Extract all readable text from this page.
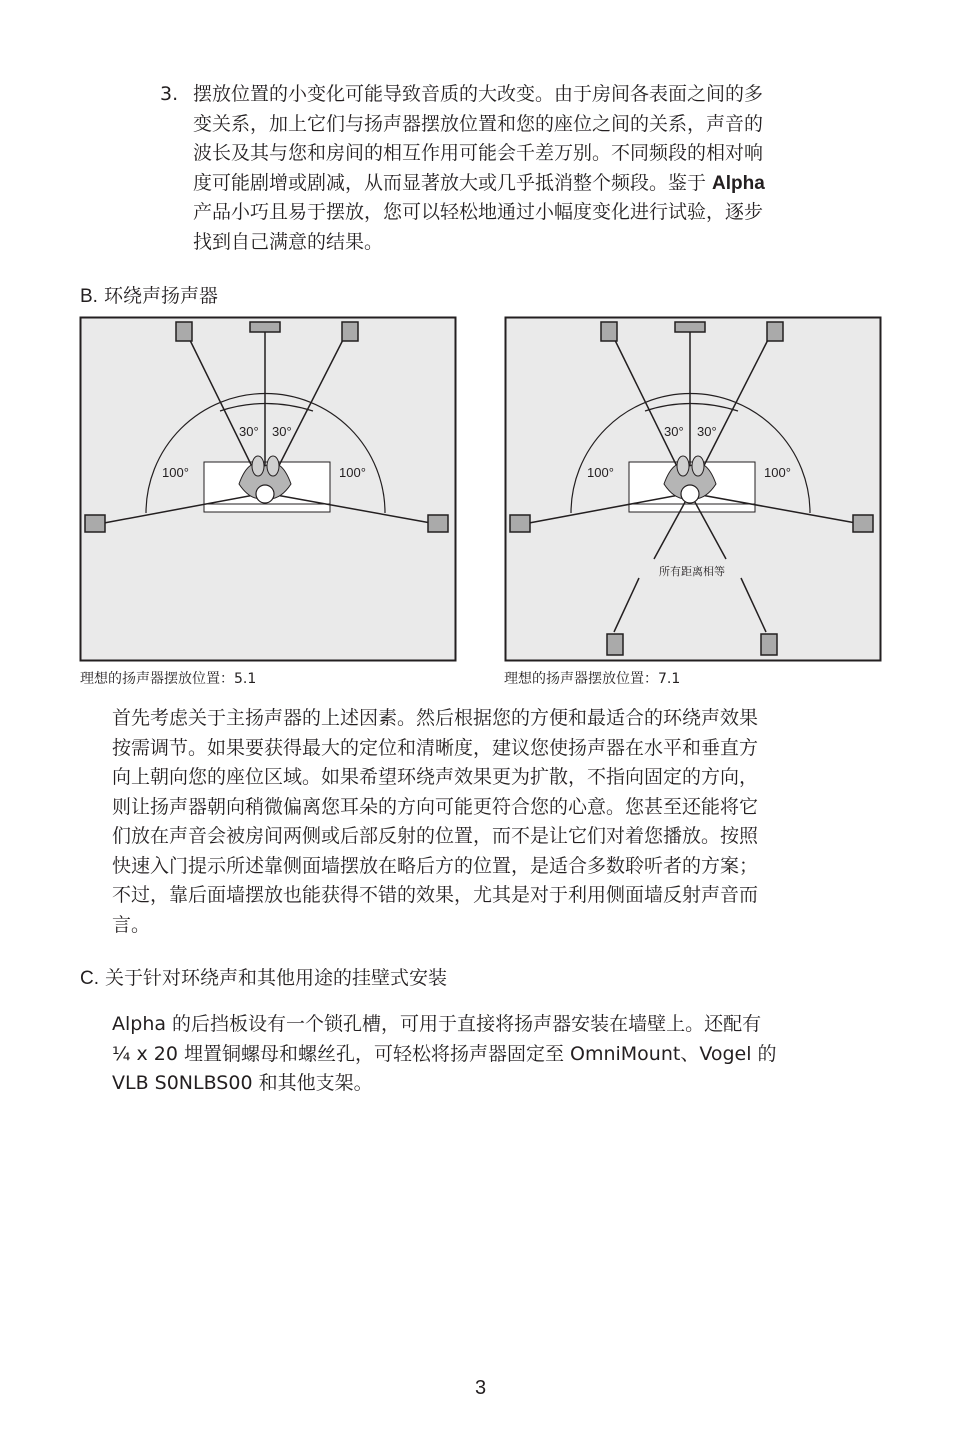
3. 摆放位置的小变化可能导致音质的大改变。由于房间各表面之间的多
变关系，加上它们与扬声器摆放位置和您的座位之间的关系，声音的
波长及其与您和房间的相互作用可能会千差万别。不同频段的相对响
度可能剧增或剧减，从而显著放大或几乎抵消整个频段。鉴于 Alpha
产品小巧且易于摆放，您可以轻松地通过小幅度变化进行试验，逐步
找到自己满意的结果。
B. 环绕声扬声器
30° 30°
100°	100°
理想的扬声器摆放位置：5.1
30° 30°
100°	100°
所有距离相等
理想的扬声器摆放位置：7.1
首先考虑关于主扬声器的上述因素。然后根据您的方便和最适合的环绕声效果
按需调节。如果要获得最大的定位和清晰度，建议您使扬声器在水平和垂直方
向上朝向您的座位区域。如果希望环绕声效果更为扩散，不指向固定的方向，
则让扬声器朝向稍微偏离您耳朵的方向可能更符合您的心意。您甚至还能将它
们放在声音会被房间两侧或后部反射的位置，而不是让它们对着您播放。按照
快速入门提示所述靠侧面墙摆放在略后方的位置，是适合多数聆听者的方案；
不过，靠后面墙摆放也能获得不错的效果，尤其是对于利用侧面墙反射声音而
言。
C. 关于针对环绕声和其他用途的挂壁式安装
Alpha 的后挡板设有一个锁孔槽，可用于直接将扬声器安装在墙壁上。还配有
¼ x 20 埋置铜螺母和螺丝孔，可轻松将扬声器固定至 OmniMount、Vogel 的
VLB S0NLBS00 和其他支架。
3
